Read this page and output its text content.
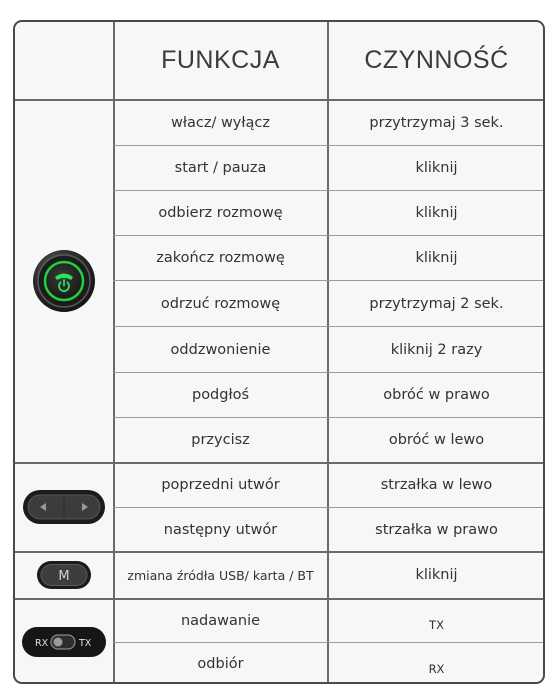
FUNKCJA	CZYNNOŚĆ
włacz/ wyłącz	przytrzymaj 3 sek.
start / pauza	kliknij
odbierz rozmowę	kliknij
zakończ rozmowę	kliknij
odrzuć rozmowę	przytrzymaj 2 sek.
oddzwonienie	kliknij 2 razy
podgłoś	obróć w prawo
przycisz	obróć w lewo
poprzedni utwór	strzałka w lewo
następny utwór	strzałka w prawo
zmiana źródła USB/ karta / BT	kliknij
nadawanie	TX
odbiór	RX
M
RX	TX
